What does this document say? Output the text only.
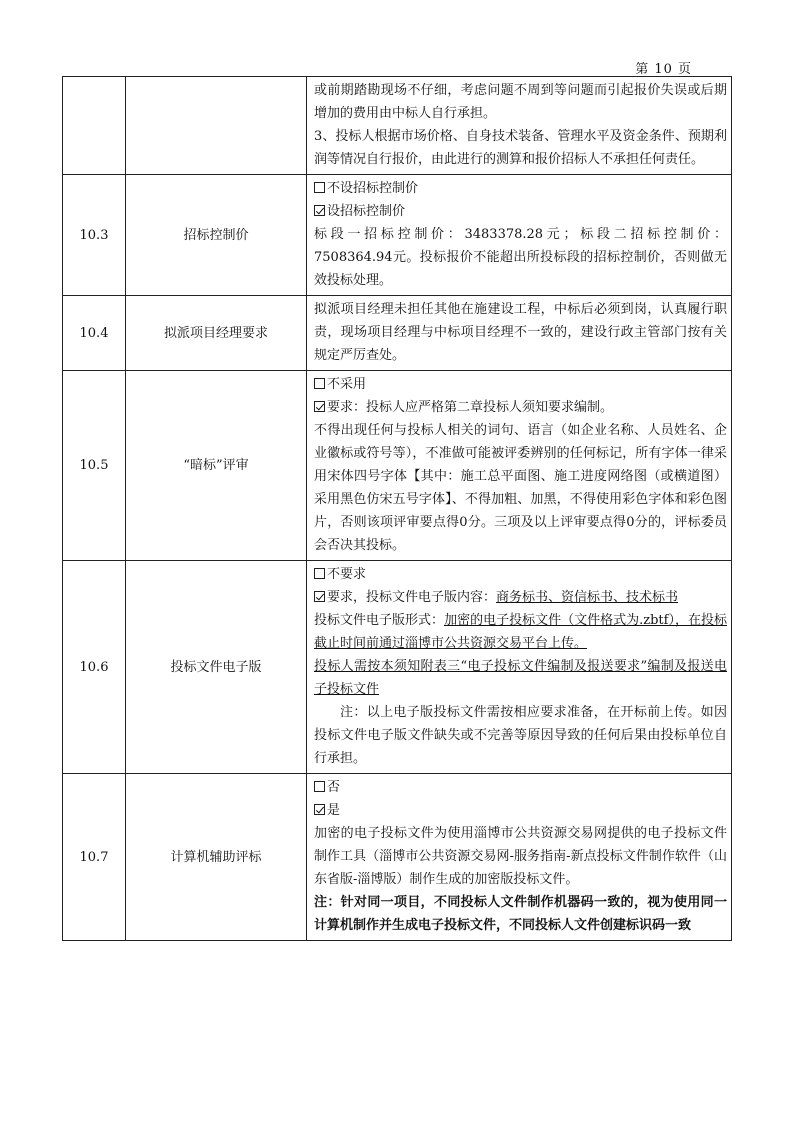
第 10 页

		或前期踏勘现场不仔细，考虑问题不周到等问题而引起报价失误或后期增加的费用由中标人自行承担。

3、投标人根据市场价格、自身技术装备、管理水平及资金条件、预期利润等情况自行报价，由此进行的测算和报价招标人不承担任何责任。

10.3	招标控制价	不设招标控制价

设招标控制价

标段一招标控制价：3483378.28元；标段二招标控制价：7508364.94元。投标报价不能超出所投标段的招标控制价，否则做无效投标处理。

10.4	拟派项目经理要求	拟派项目经理未担任其他在施建设工程，中标后必须到岗，认真履行职责，现场项目经理与中标项目经理不一致的，建设行政主管部门按有关规定严厉查处。

10.5	“暗标”评审	不采用

要求：投标人应严格第二章投标人须知要求编制。

不得出现任何与投标人相关的词句、语言（如企业名称、人员姓名、企业徽标或符号等），不准做可能被评委辨别的任何标记，所有字体一律采用宋体四号字体【其中：施工总平面图、施工进度网络图（或横道图）采用黑色仿宋五号字体】、不得加粗、加黑，不得使用彩色字体和彩色图片，否则该项评审要点得0分。三项及以上评审要点得0分的，评标委员会否决其投标。

10.6	投标文件电子版	不要求

要求，投标文件电子版内容：商务标书、资信标书、技术标书

投标文件电子版形式：加密的电子投标文件（文件格式为.zbtf），在投标截止时间前通过淄博市公共资源交易平台上传。

投标人需按本须知附表三“电子投标文件编制及报送要求”编制及报送电子投标文件

注：以上电子版投标文件需按相应要求准备，在开标前上传。如因投标文件电子版文件缺失或不完善等原因导致的任何后果由投标单位自行承担。

10.7	计算机辅助评标	否

是

加密的电子投标文件为使用淄博市公共资源交易网提供的电子投标文件制作工具（淄博市公共资源交易网-服务指南-新点投标文件制作软件（山东省版-淄博版）制作生成的加密版投标文件。

注：针对同一项目，不同投标人文件制作机器码一致的，视为使用同一计算机制作并生成电子投标文件，不同投标人文件创建标识码一致
